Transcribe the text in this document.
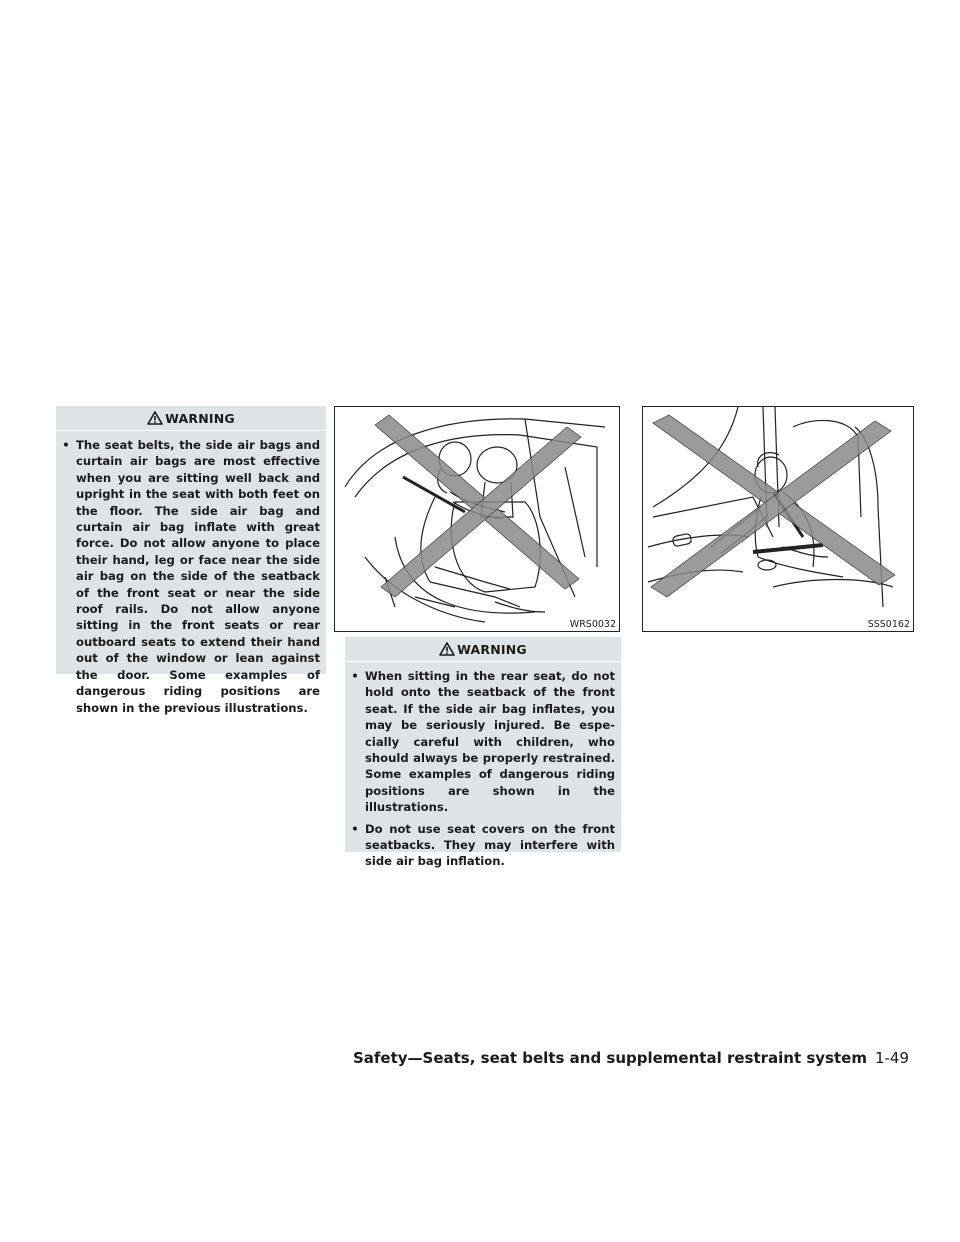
WARNING
• The seat belts, the side air bags and curtain air bags are most effective when you are sitting well back and upright in the seat with both feet on the floor. The side air bag and curtain air bag inflate with great force. Do not allow anyone to place their hand, leg or face near the side air bag on the side of the seatback of the front seat or near the side roof rails. Do not allow anyone sitting in the front seats or rear outboard seats to extend their hand out of the window or lean against the door. Some examples of dangerous riding positions are shown in the previous illustrations.
WRS0032	SSS0162
WARNING
• When sitting in the rear seat, do not hold onto the seatback of the front seat. If the side air bag inflates, you may be seriously injured. Be espe- cially careful with children, who should always be properly restrained. Some examples of dangerous riding positions are shown in the illustrations.
• Do not use seat covers on the front seatbacks. They may interfere with side air bag inflation.
Safety—Seats, seat belts and supplemental restraint system 1-49
